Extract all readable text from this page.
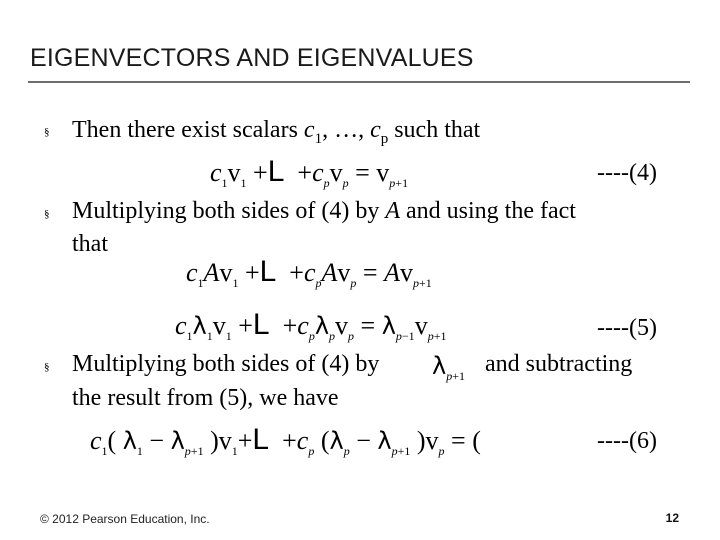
EIGENVECTORS AND EIGENVALUES
§ Then there exist scalars $c_1$, …, $c_p$ such that
$c_1v_1 +L +c_pv_p = v_{p+1}$	----(4)
§ Multiplying both sides of (4) by A and using the fact
that
$c_1Av_1 +L +c_pAv_p = Av_{p+1}$
$c_1\lambda_1v_1 +L +c_p\lambda_pv_p = \lambda_{p-1}v_{p+1}$	----(5)
§ Multiplying both sides of (4) by $\lambda_{p+1}$ and subtracting
the result from (5), we have
$c_1$( $\lambda_1 - \lambda_{p+1}$ )$v_1+L +c_p$ ($\lambda_p - \lambda_{p+1}$ )$v_p$ = (	----(6)
© 2012 Pearson Education, Inc.	12
